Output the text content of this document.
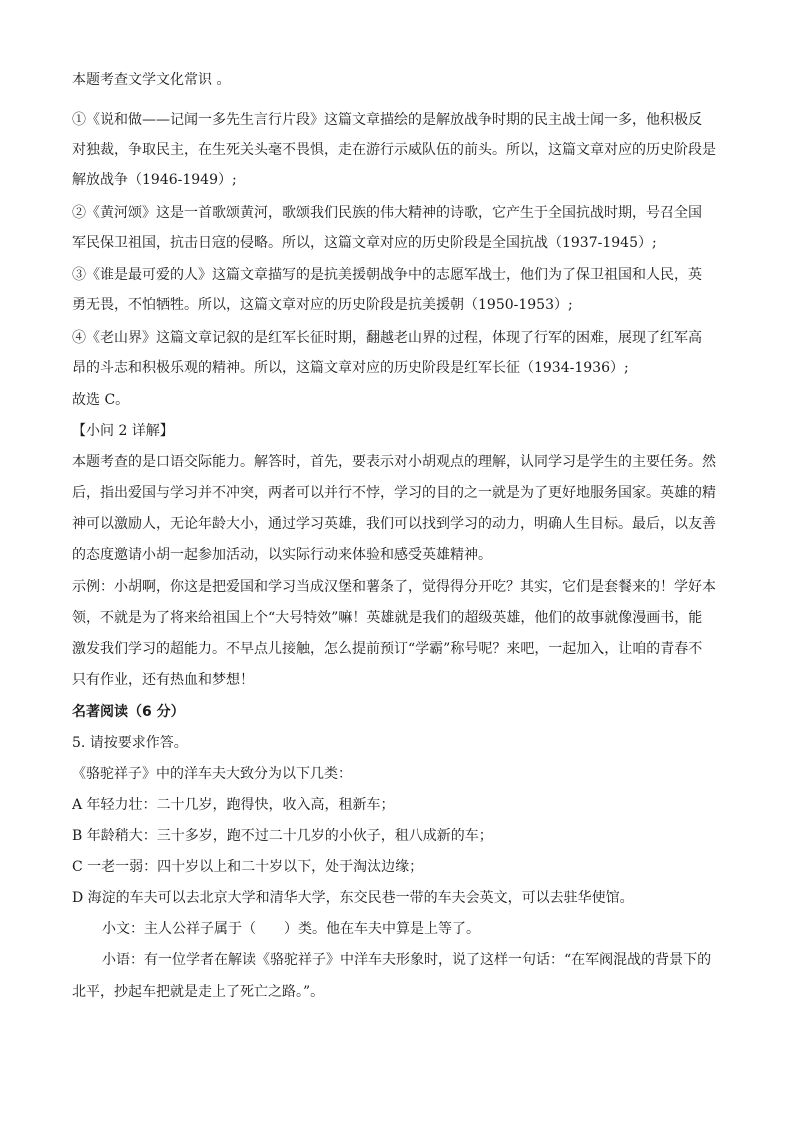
本题考查文学文化常识 。

①《说和做——记闻一多先生言行片段》这篇文章描绘的是解放战争时期的民主战士闻一多，他积极反

对独裁，争取民主，在生死关头毫不畏惧，走在游行示威队伍的前头。所以，这篇文章对应的历史阶段是

解放战争（1946-1949）;

②《黄河颂》这是一首歌颂黄河，歌颂我们民族的伟大精神的诗歌，它产生于全国抗战时期，号召全国

军民保卫祖国，抗击日寇的侵略。所以，这篇文章对应的历史阶段是全国抗战（1937-1945）;

③《谁是最可爱的人》这篇文章描写的是抗美援朝战争中的志愿军战士，他们为了保卫祖国和人民，英

勇无畏，不怕牺牲。所以，这篇文章对应的历史阶段是抗美援朝（1950-1953）;

④《老山界》这篇文章记叙的是红军长征时期，翻越老山界的过程，体现了行军的困难，展现了红军高

昂的斗志和积极乐观的精神。所以，这篇文章对应的历史阶段是红军长征（1934-1936）;

故选 C。

【小问 2 详解】

本题考查的是口语交际能力。解答时，首先，要表示对小胡观点的理解，认同学习是学生的主要任务。然

后，指出爱国与学习并不冲突，两者可以并行不悖，学习的目的之一就是为了更好地服务国家。英雄的精

神可以激励人，无论年龄大小，通过学习英雄，我们可以找到学习的动力，明确人生目标。最后，以友善

的态度邀请小胡一起参加活动，以实际行动来体验和感受英雄精神。

示例：小胡啊，你这是把爱国和学习当成汉堡和薯条了，觉得得分开吃？其实，它们是套餐来的！学好本

领，不就是为了将来给祖国上个“大号特效”嘛！英雄就是我们的超级英雄，他们的故事就像漫画书，能

激发我们学习的超能力。不早点儿接触，怎么提前预订“学霸”称号呢？来吧，一起加入，让咱的青春不

只有作业，还有热血和梦想！

名著阅读（6 分）

5. 请按要求作答。

《骆驼祥子》中的洋车夫大致分为以下几类：

A 年轻力壮：二十几岁，跑得快，收入高，租新车；

B 年龄稍大：三十多岁，跑不过二十几岁的小伙子，租八成新的车；

C 一老一弱：四十岁以上和二十岁以下，处于淘汰边缘；

D 海淀的车夫可以去北京大学和清华大学，东交民巷一带的车夫会英文，可以去驻华使馆。

小文：主人公祥子属于（　　）类。他在车夫中算是上等了。

小语：有一位学者在解读《骆驼祥子》中洋车夫形象时，说了这样一句话：“在军阀混战的背景下的

北平，抄起车把就是走上了死亡之路。”。
